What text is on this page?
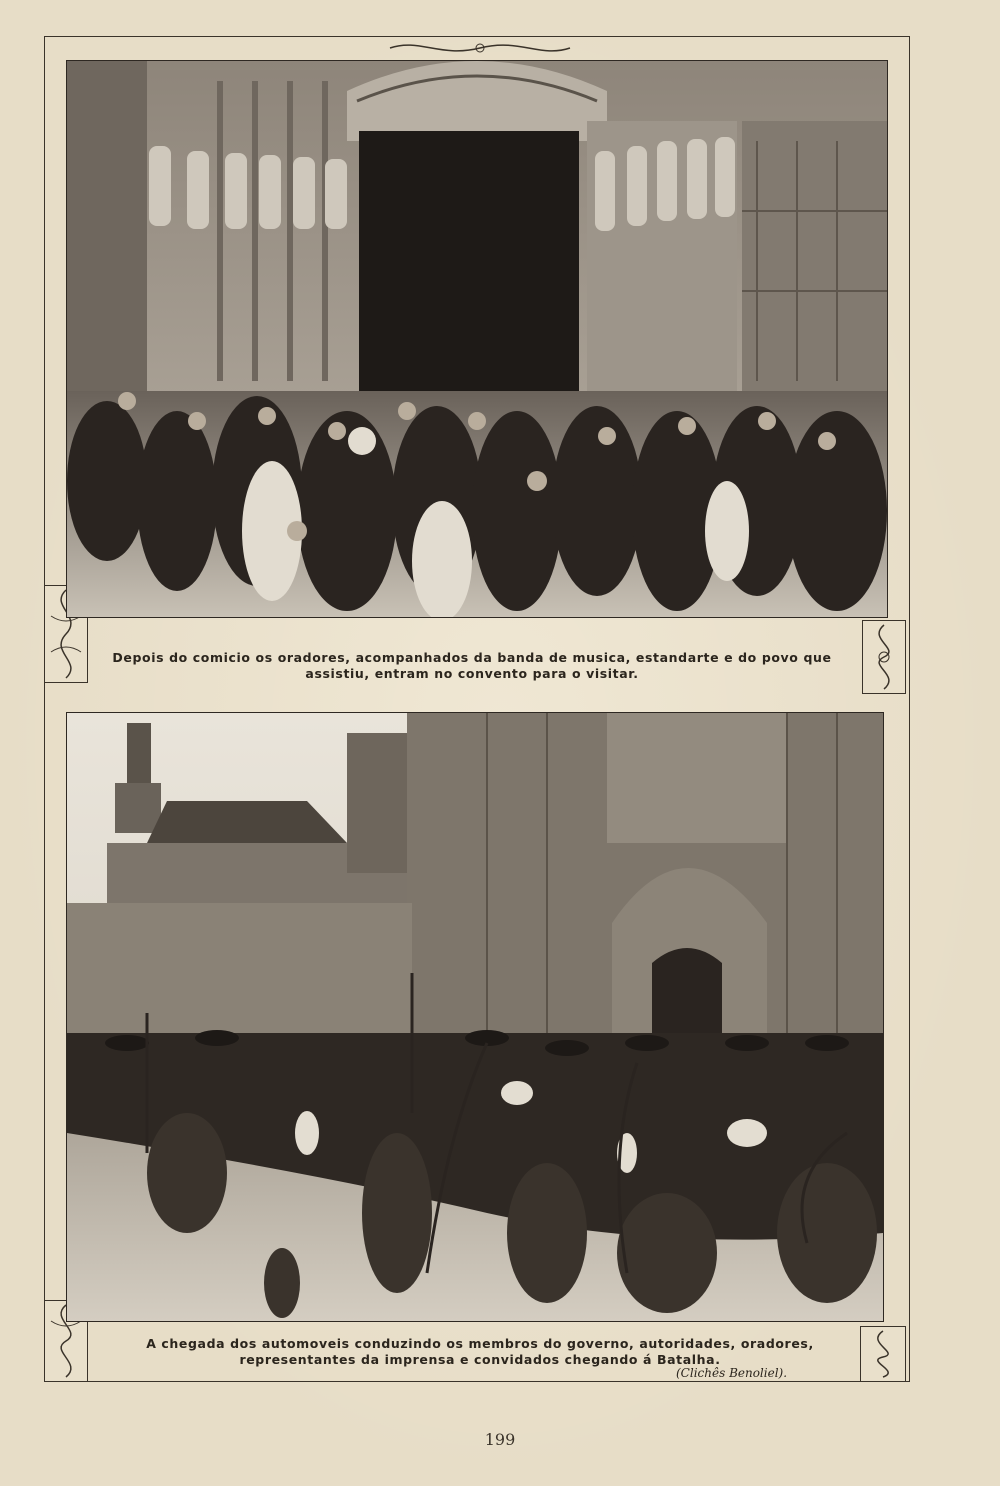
Depois do comicio os oradores, acompanhados da banda de musica, estandarte e do povo que assistiu, entram no convento para o visitar.
A chegada dos automoveis conduzindo os membros do governo, autoridades, oradores, representantes da imprensa e convidados chegando á Batalha.
(Clichês Benoliel).
199
